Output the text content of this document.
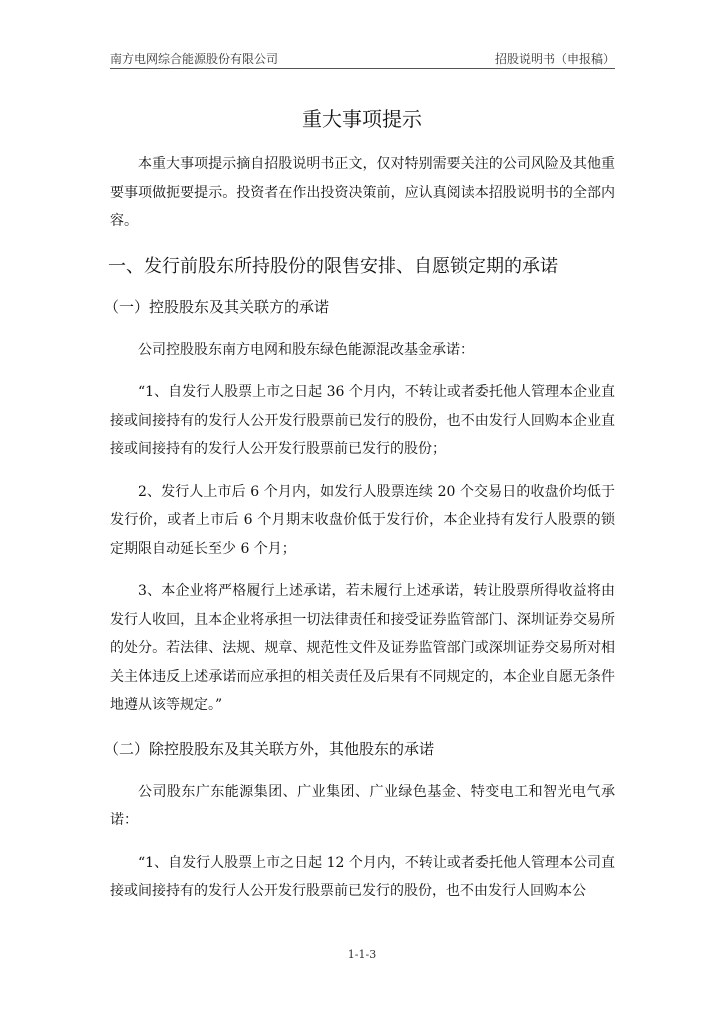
南方电网综合能源股份有限公司	招股说明书（申报稿）
重大事项提示

本重大事项提示摘自招股说明书正文，仅对特别需要关注的公司风险及其他重要事项做扼要提示。投资者在作出投资决策前，应认真阅读本招股说明书的全部内容。

一、发行前股东所持股份的限售安排、自愿锁定期的承诺
（一）控股股东及其关联方的承诺

公司控股股东南方电网和股东绿色能源混改基金承诺：

“1、自发行人股票上市之日起 36 个月内，不转让或者委托他人管理本企业直接或间接持有的发行人公开发行股票前已发行的股份，也不由发行人回购本企业直接或间接持有的发行人公开发行股票前已发行的股份；

2、发行人上市后 6 个月内，如发行人股票连续 20 个交易日的收盘价均低于发行价，或者上市后 6 个月期末收盘价低于发行价，本企业持有发行人股票的锁定期限自动延长至少 6 个月；

3、本企业将严格履行上述承诺，若未履行上述承诺，转让股票所得收益将由发行人收回，且本企业将承担一切法律责任和接受证券监管部门、深圳证券交易所的处分。若法律、法规、规章、规范性文件及证券监管部门或深圳证券交易所对相关主体违反上述承诺而应承担的相关责任及后果有不同规定的，本企业自愿无条件地遵从该等规定。”

（二）除控股股东及其关联方外，其他股东的承诺

公司股东广东能源集团、广业集团、广业绿色基金、特变电工和智光电气承诺：

“1、自发行人股票上市之日起 12 个月内，不转让或者委托他人管理本公司直接或间接持有的发行人公开发行股票前已发行的股份，也不由发行人回购本公

1-1-3
